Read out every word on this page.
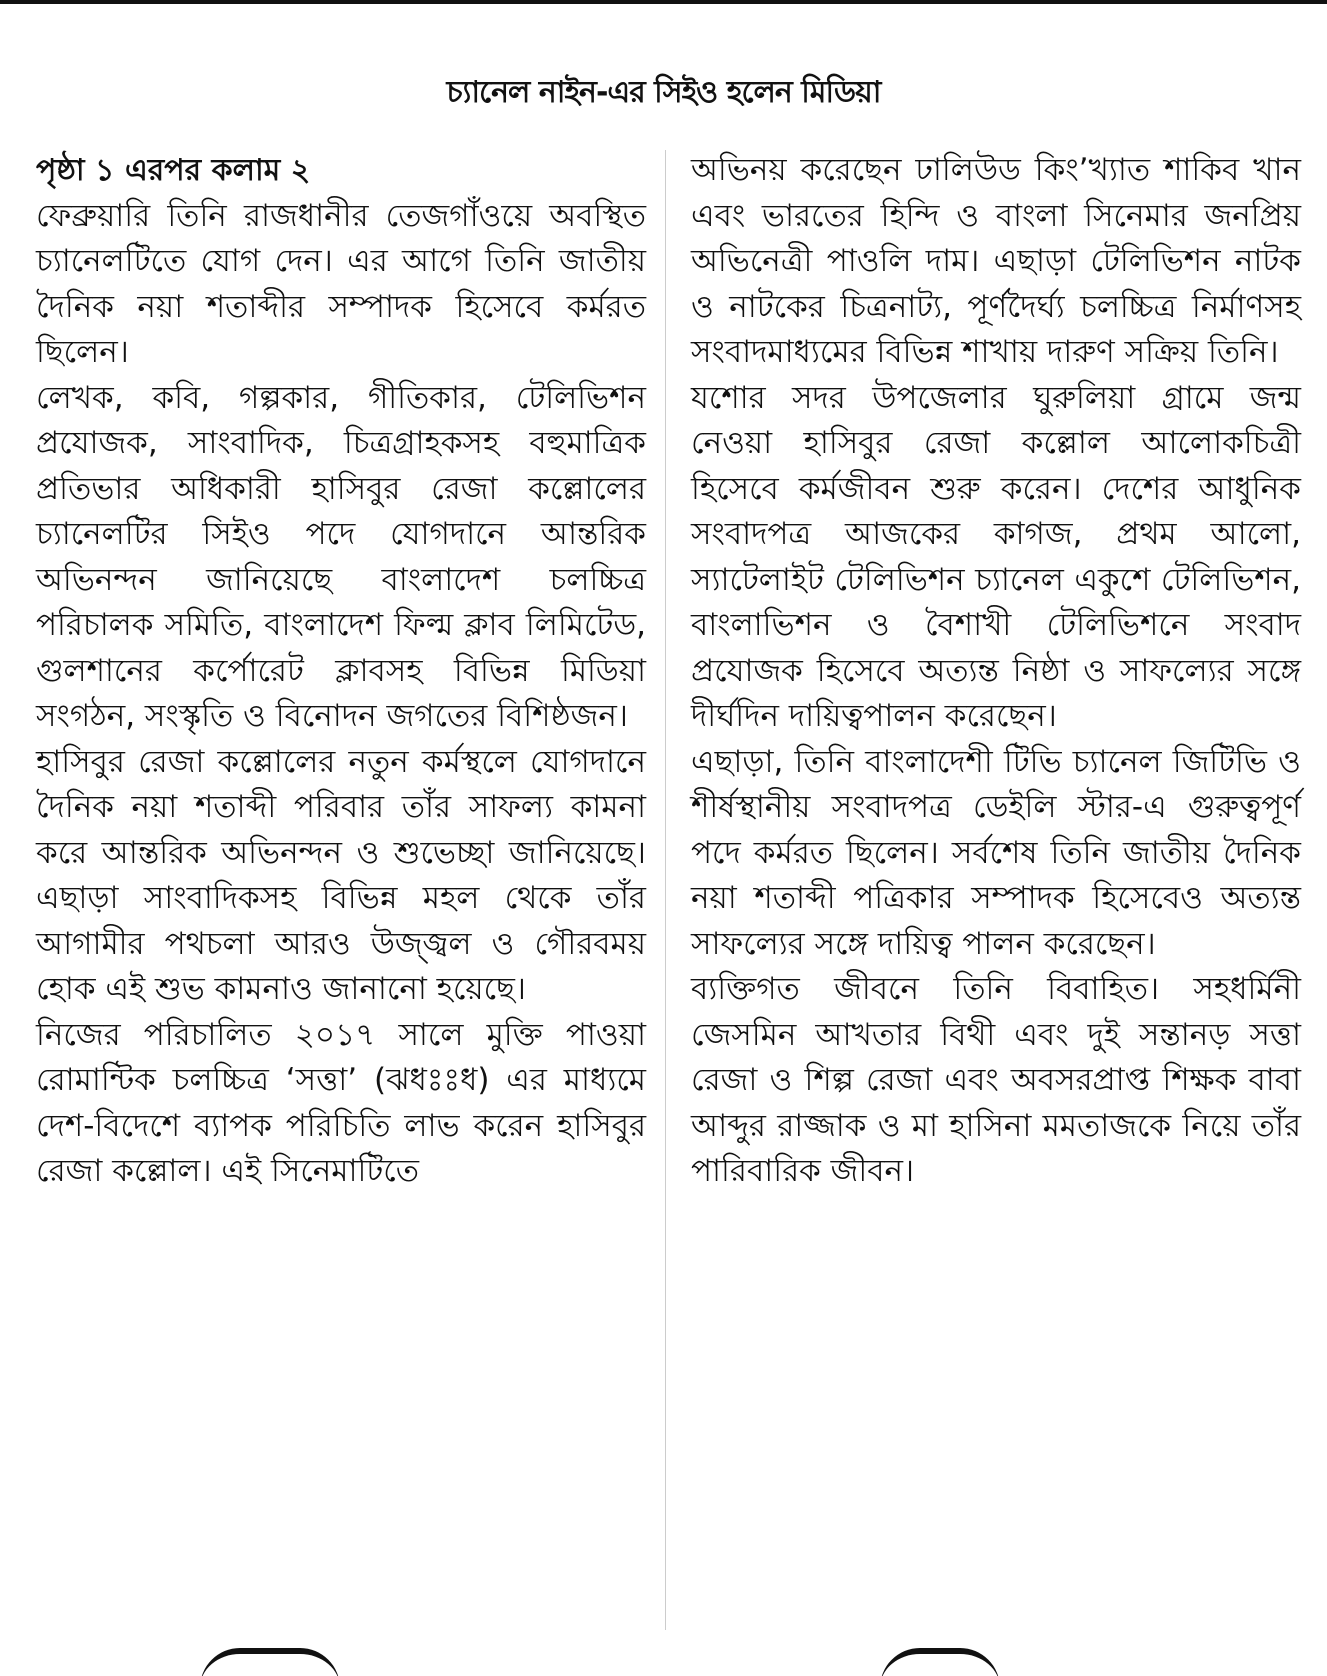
চ্যানেল নাইন-এর সিইও হলেন মিডিয়া
পৃষ্ঠা ১ এরপর কলাম ২

ফেব্রুয়ারি তিনি রাজধানীর তেজগাঁওয়ে অবস্থিত চ্যানেলটিতে যোগ দেন। এর আগে তিনি জাতীয় দৈনিক নয়া শতাব্দীর সম্পাদক হিসেবে কর্মরত ছিলেন।

লেখক, কবি, গল্পকার, গীতিকার, টেলিভিশন প্রযোজক, সাংবাদিক, চিত্রগ্রাহকসহ বহুমাত্রিক প্রতিভার অধিকারী হাসিবুর রেজা কল্লোলের চ্যানেলটির সিইও পদে যোগদানে আন্তরিক অভিনন্দন জানিয়েছে বাংলাদেশ চলচ্চিত্র পরিচালক সমিতি, বাংলাদেশ ফিল্ম ক্লাব লিমিটেড, গুলশানের কর্পোরেট ক্লাবসহ বিভিন্ন মিডিয়া সংগঠন, সংস্কৃতি ও বিনোদন জগতের বিশিষ্ঠজন।

হাসিবুর রেজা কল্লোলের নতুন কর্মস্থলে যোগদানে দৈনিক নয়া শতাব্দী পরিবার তাঁর সাফল্য কামনা করে আন্তরিক অভিনন্দন ও শুভেচ্ছা জানিয়েছে। এছাড়া সাংবাদিকসহ বিভিন্ন মহল থেকে তাঁর আগামীর পথচলা আরও উজ্জ্বল ও গৌরবময় হোক এই শুভ কামনাও জানানো হয়েছে।

নিজের পরিচালিত ২০১৭ সালে মুক্তি পাওয়া রোমান্টিক চলচ্চিত্র ‘সত্তা’ (ঝধঃঃধ) এর মাধ্যমে দেশ-বিদেশে ব্যাপক পরিচিতি লাভ করেন হাসিবুর রেজা কল্লোল। এই সিনেমাটিতে

অভিনয় করেছেন ঢালিউড কিং’খ্যাত শাকিব খান এবং ভারতের হিন্দি ও বাংলা সিনেমার জনপ্রিয় অভিনেত্রী পাওলি দাম। এছাড়া টেলিভিশন নাটক ও নাটকের চিত্রনাট্য, পূর্ণদৈর্ঘ্য চলচ্চিত্র নির্মাণসহ সংবাদমাধ্যমের বিভিন্ন শাখায় দারুণ সক্রিয় তিনি।

যশোর সদর উপজেলার ঘুরুলিয়া গ্রামে জন্ম নেওয়া হাসিবুর রেজা কল্লোল আলোকচিত্রী হিসেবে কর্মজীবন শুরু করেন। দেশের আধুনিক সংবাদপত্র আজকের কাগজ, প্রথম আলো, স্যাটেলাইট টেলিভিশন চ্যানেল একুশে টেলিভিশন, বাংলাভিশন ও বৈশাখী টেলিভিশনে সংবাদ প্রযোজক হিসেবে অত্যন্ত নিষ্ঠা ও সাফল্যের সঙ্গে দীর্ঘদিন দায়িত্বপালন করেছেন।

এছাড়া, তিনি বাংলাদেশী টিভি চ্যানেল জিটিভি ও শীর্ষস্থানীয় সংবাদপত্র ডেইলি স্টার-এ গুরুত্বপূর্ণ পদে কর্মরত ছিলেন। সর্বশেষ তিনি জাতীয় দৈনিক নয়া শতাব্দী পত্রিকার সম্পাদক হিসেবেও অত্যন্ত সাফল্যের সঙ্গে দায়িত্ব পালন করেছেন।

ব্যক্তিগত জীবনে তিনি বিবাহিত। সহধর্মিনী জেসমিন আখতার বিথী এবং দুই সন্তানড় সত্তা রেজা ও শিল্প রেজা এবং অবসরপ্রাপ্ত শিক্ষক বাবা আব্দুর রাজ্জাক ও মা হাসিনা মমতাজকে নিয়ে তাঁর পারিবারিক জীবন।
